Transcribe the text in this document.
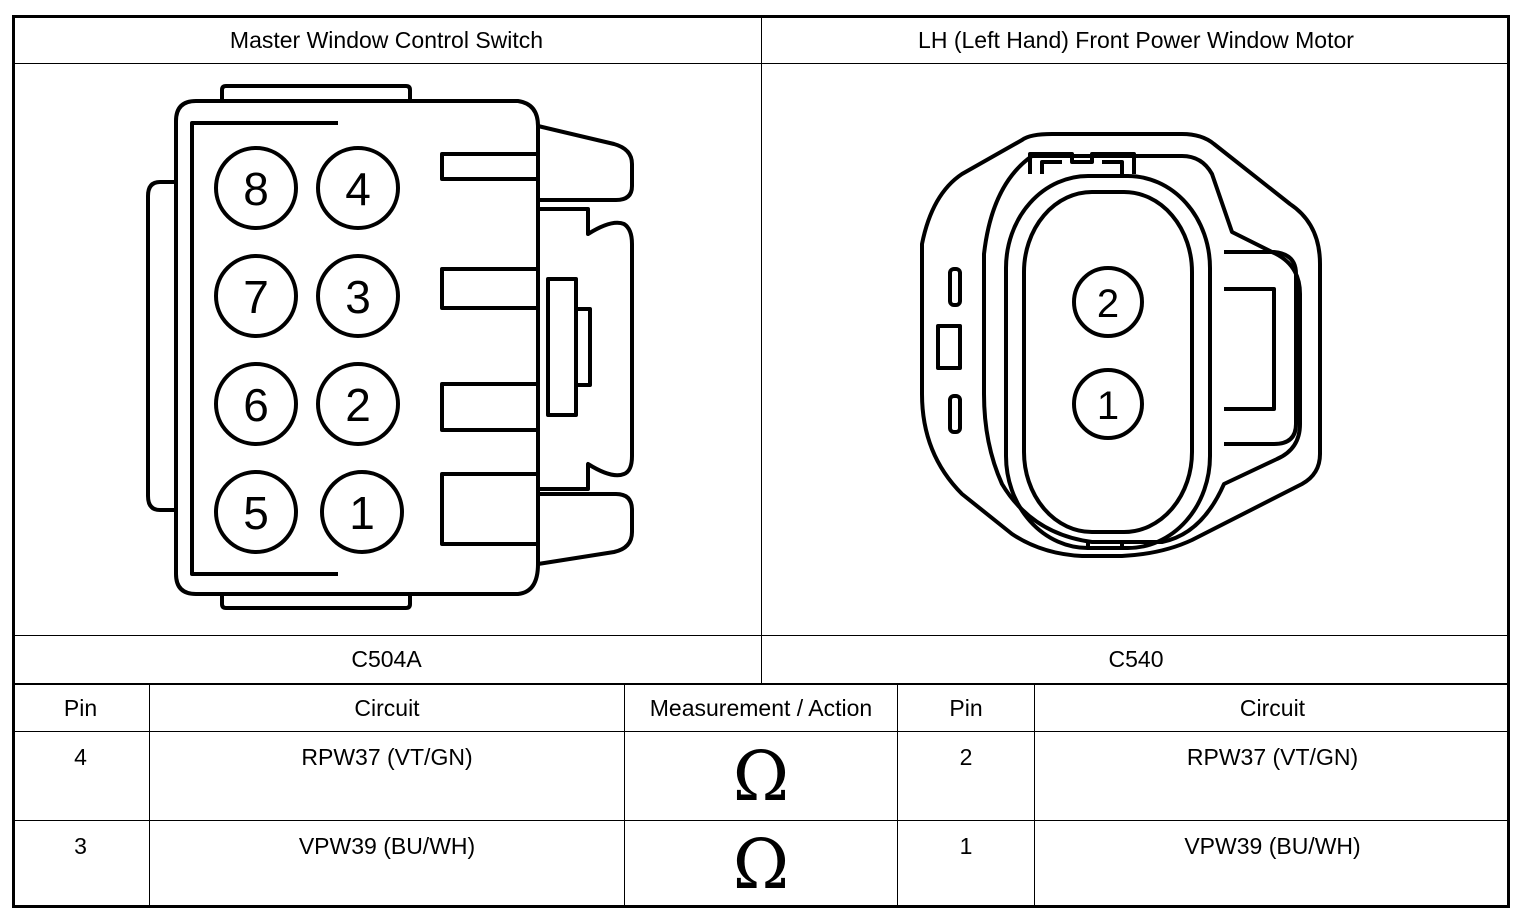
Master Window Control Switch	LH (Left Hand) Front Power Window Motor
8 4
7 3
6 2
5 1
2
1
C504A	C540
Pin	Circuit	Measurement / Action	Pin	Circuit
4	RPW37 (VT/GN)	Ω	2	RPW37 (VT/GN)
3	VPW39 (BU/WH)	Ω	1	VPW39 (BU/WH)
